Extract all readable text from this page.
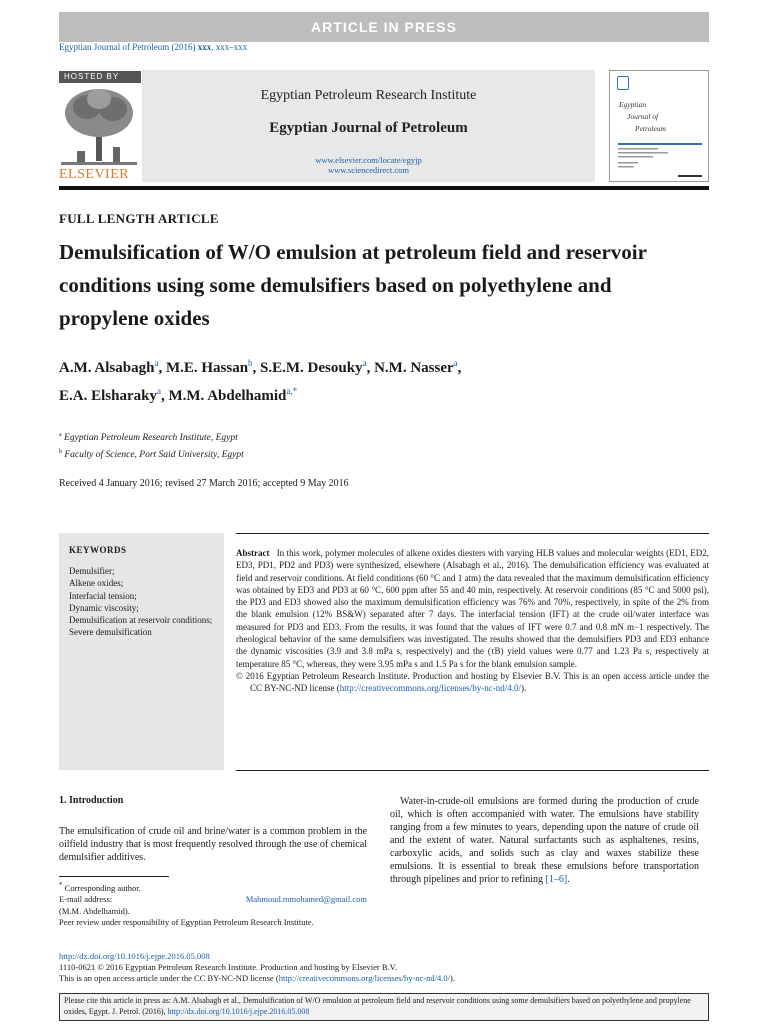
ARTICLE IN PRESS
Egyptian Journal of Petroleum (2016) xxx, xxx–xxx
HOSTED BY
ELSEVIER
Egyptian Petroleum Research Institute
Egyptian Journal of Petroleum
www.elsevier.com/locate/egyjp
www.sciencedirect.com
Egyptian
Journal of
Petroleum
FULL LENGTH ARTICLE
Demulsification of W/O emulsion at petroleum field and reservoir conditions using some demulsifiers based on polyethylene and propylene oxides
A.M. Alsabagh$^a$, M.E. Hassan$^b$, S.E.M. Desouky$^a$, N.M. Nasser$^a$,
E.A. Elsharaky$^a$, M.M. Abdelhamid$^{a,*}$
$^a$ Egyptian Petroleum Research Institute, Egypt
$^b$ Faculty of Science, Port Said University, Egypt
Received 4 January 2016; revised 27 March 2016; accepted 9 May 2016
KEYWORDS
Demulsifier;
Alkene oxides;
Interfacial tension;
Dynamic viscosity;
Demulsification at reservoir conditions;
Severe demulsification
Abstract In this work, polymer molecules of alkene oxides diesters with varying HLB values and molecular weights (ED1, ED2, ED3, PD1, PD2 and PD3) were synthesized, elsewhere (Alsabagh et al., 2016). The demulsification efficiency was evaluated at field and reservoir conditions. At field conditions (60 °C and 1 atm) the data revealed that the maximum demulsification efficiency was obtained by ED3 and PD3 at 60 °C, 600 ppm after 55 and 40 min, respectively. At reservoir conditions (85 °C and 5000 psi), the PD3 and ED3 showed also the maximum demulsification efficiency was 76% and 70%, respectively, in spite of the 2% from the blank emulsion (12% BS&W) separated after 7 days. The interfacial tension (IFT) at the crude oil/water interface was measured for PD3 and ED3. From the results, it was found that the values of IFT were 0.7 and 0.8 mN m−1 respectively. The rheological behavior of the same demulsifiers was investigated. The results showed that the demulsifiers PD3 and ED3 enhance the dynamic viscosities (3.9 and 3.8 mPa s, respectively) and the (τB) yield values were 0.77 and 1.23 Pa s, respectively at temperature 85 °C, whereas, they were 3.95 mPa s and 1.5 Pa s for the blank emulsion sample.
© 2016 Egyptian Petroleum Research Institute. Production and hosting by Elsevier B.V. This is an open access article under the CC BY-NC-ND license (http://creativecommons.org/licenses/by-nc-nd/4.0/).
1. Introduction
The emulsification of crude oil and brine/water is a common problem in the oilfield industry that is most frequently resolved through the use of chemical demulsifier additives.
Water-in-crude-oil emulsions are formed during the production of crude oil, which is often accompanied with water. The emulsions have stability ranging from a few minutes to years, depending upon the nature of crude oil and the extent of water. Natural surfactants such as asphaltenes, resins, carboxylic acids, and solids such as clay and waxes stabilize these emulsions. It is essential to break these emulsions before transportation through pipelines and prior to refining [1–6].
* Corresponding author.
E-mail address:	Mahmoud.mmohamed@gmail.com
(M.M. Abdelhamid).
Peer review under responsibility of Egyptian Petroleum Research Institute.
http://dx.doi.org/10.1016/j.ejpe.2016.05.008
1110-0621 © 2016 Egyptian Petroleum Research Institute. Production and hosting by Elsevier B.V.
This is an open access article under the CC BY-NC-ND license (http://creativecommons.org/licenses/by-nc-nd/4.0/).
Please cite this article in press as: A.M. Alsabagh et al., Demulsification of W/O emulsion at petroleum field and reservoir conditions using some demulsifiers based on polyethylene and propylene oxides, Egypt. J. Petrol. (2016), http://dx.doi.org/10.1016/j.ejpe.2016.05.008
